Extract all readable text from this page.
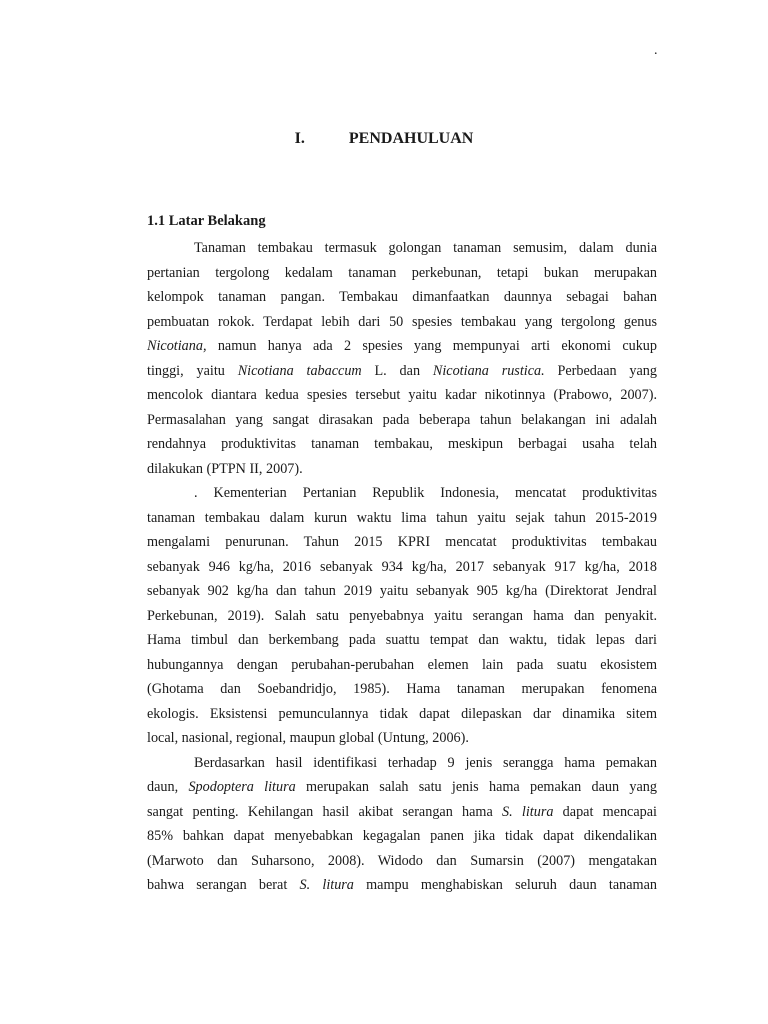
.
I.	PENDAHULUAN
1.1 Latar Belakang
Tanaman tembakau termasuk golongan tanaman semusim, dalam dunia
pertanian tergolong kedalam tanaman perkebunan, tetapi bukan merupakan
kelompok tanaman pangan. Tembakau dimanfaatkan daunnya sebagai bahan
pembuatan rokok. Terdapat lebih dari 50 spesies tembakau yang tergolong genus
Nicotiana, namun hanya ada 2 spesies yang mempunyai arti ekonomi cukup
tinggi, yaitu Nicotiana tabaccum L. dan Nicotiana rustica. Perbedaan yang
mencolok diantara kedua spesies tersebut yaitu kadar nikotinnya (Prabowo, 2007).
Permasalahan yang sangat dirasakan pada beberapa tahun belakangan ini adalah
rendahnya produktivitas tanaman tembakau, meskipun berbagai usaha telah
dilakukan (PTPN II, 2007).
. Kementerian Pertanian Republik Indonesia, mencatat produktivitas
tanaman tembakau dalam kurun waktu lima tahun yaitu sejak tahun 2015-2019
mengalami penurunan. Tahun 2015 KPRI mencatat produktivitas tembakau
sebanyak 946 kg/ha, 2016 sebanyak 934 kg/ha, 2017 sebanyak 917 kg/ha, 2018
sebanyak 902 kg/ha dan tahun 2019 yaitu sebanyak 905 kg/ha (Direktorat Jendral
Perkebunan, 2019). Salah satu penyebabnya yaitu serangan hama dan penyakit.
Hama timbul dan berkembang pada suattu tempat dan waktu, tidak lepas dari
hubungannya dengan perubahan-perubahan elemen lain pada suatu ekosistem
(Ghotama dan Soebandridjo, 1985). Hama tanaman merupakan fenomena
ekologis. Eksistensi pemunculannya tidak dapat dilepaskan dar dinamika sitem
local, nasional, regional, maupun global (Untung, 2006).
Berdasarkan hasil identifikasi terhadap 9 jenis serangga hama pemakan
daun, Spodoptera litura merupakan salah satu jenis hama pemakan daun yang
sangat penting. Kehilangan hasil akibat serangan hama S. litura dapat mencapai
85% bahkan dapat menyebabkan kegagalan panen jika tidak dapat dikendalikan
(Marwoto dan Suharsono, 2008). Widodo dan Sumarsin (2007) mengatakan
bahwa serangan berat S. litura mampu menghabiskan seluruh daun tanaman
